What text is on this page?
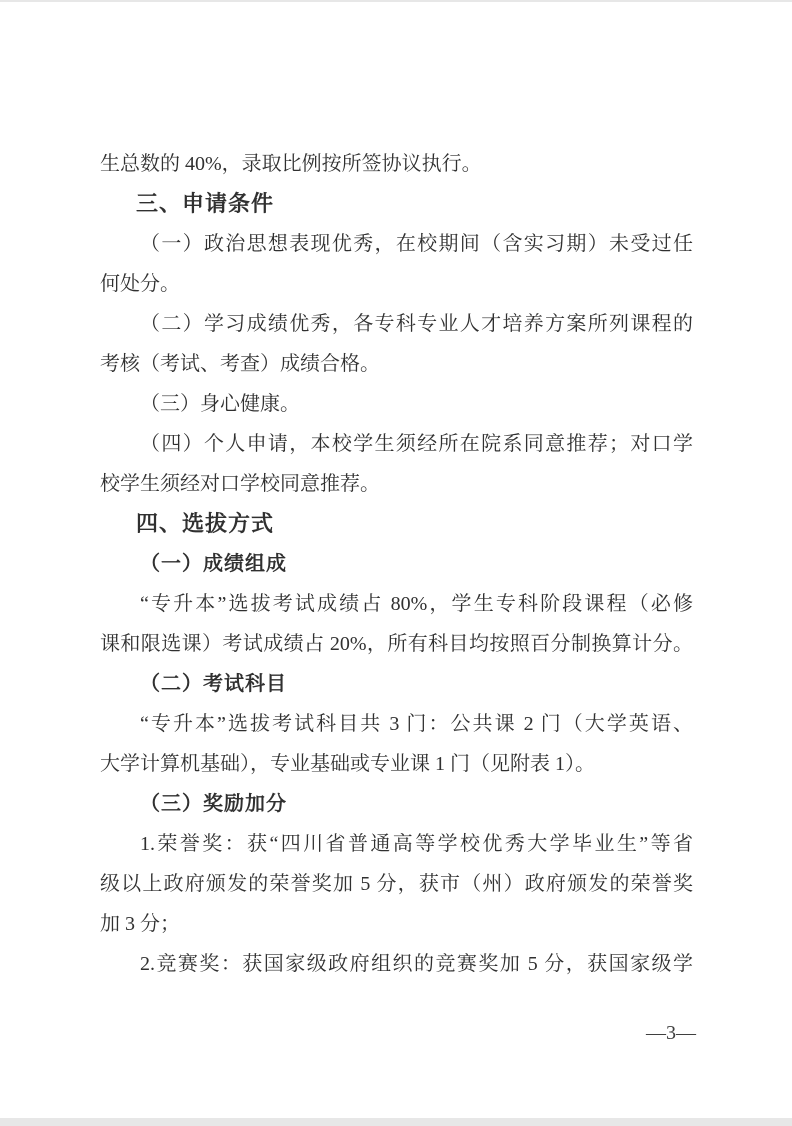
生总数的 40%，录取比例按所签协议执行。
三、申请条件
（一）政治思想表现优秀，在校期间（含实习期）未受过任
何处分。
（二）学习成绩优秀，各专科专业人才培养方案所列课程的
考核（考试、考查）成绩合格。
（三）身心健康。
（四）个人申请，本校学生须经所在院系同意推荐；对口学
校学生须经对口学校同意推荐。
四、选拔方式
（一）成绩组成
“专升本”选拔考试成绩占 80%，学生专科阶段课程（必修
课和限选课）考试成绩占 20%，所有科目均按照百分制换算计分。
（二）考试科目
“专升本”选拔考试科目共 3 门：公共课 2 门（大学英语、
大学计算机基础），专业基础或专业课 1 门（见附表 1）。
（三）奖励加分
1.荣誉奖：获“四川省普通高等学校优秀大学毕业生”等省
级以上政府颁发的荣誉奖加 5 分，获市（州）政府颁发的荣誉奖
加 3 分；
2.竞赛奖：获国家级政府组织的竞赛奖加 5 分，获国家级学
—3—
